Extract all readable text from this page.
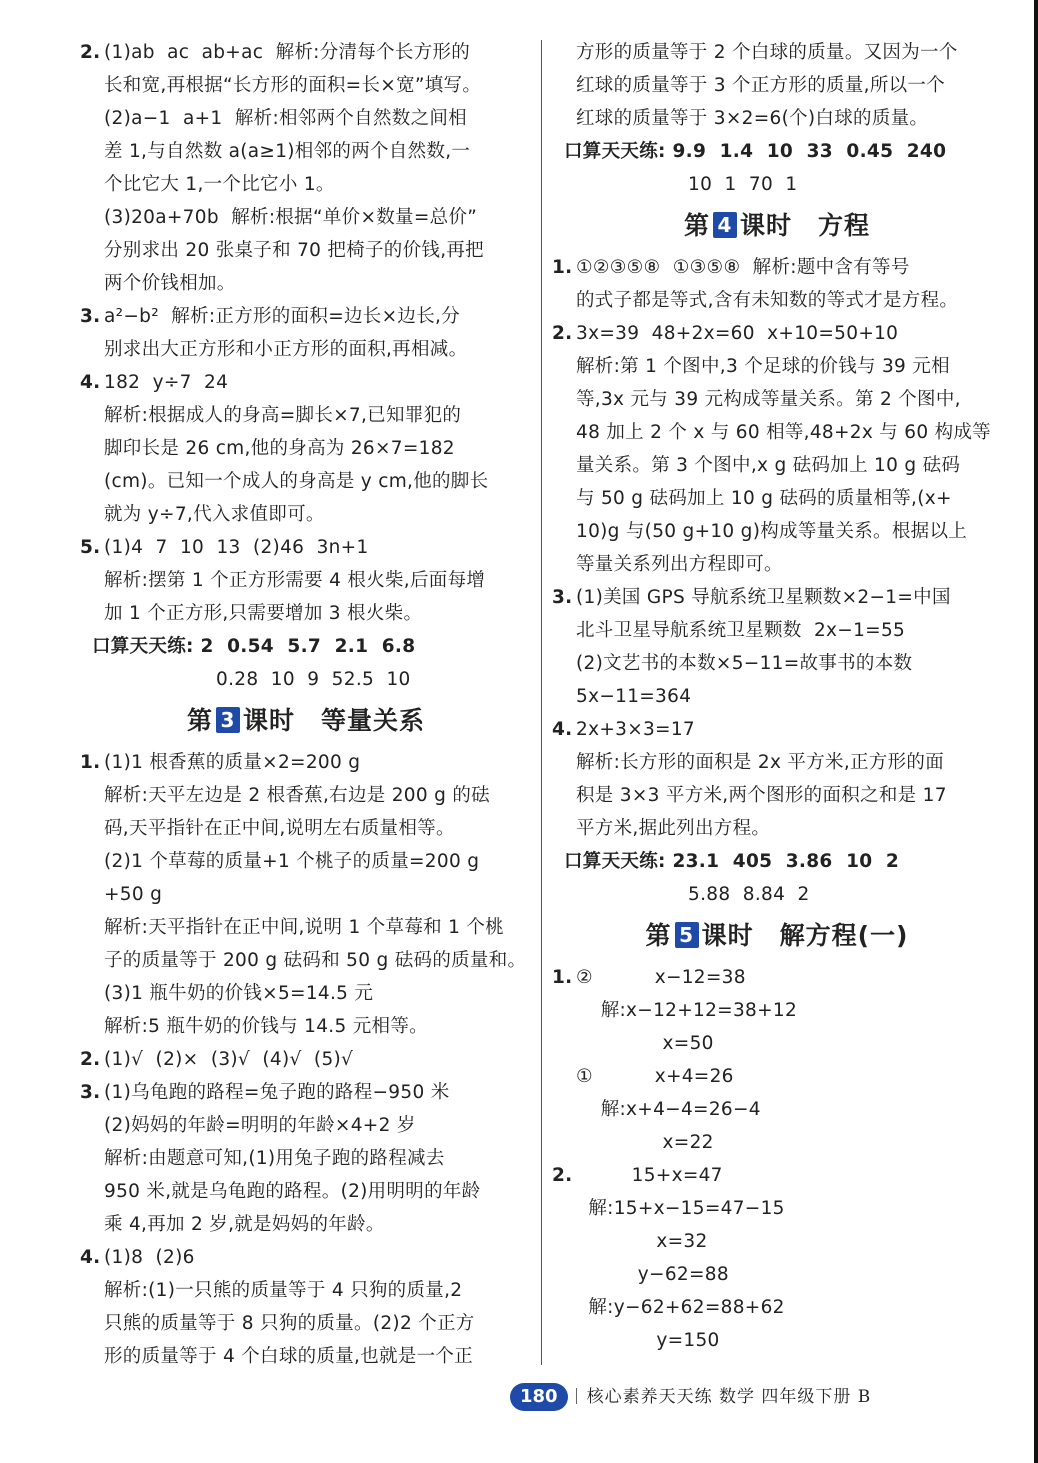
2. (1)ab  ac  ab+ac  解析:分清每个长方形的
长和宽,再根据“长方形的面积=长×宽”填写。
(2)a−1  a+1  解析:相邻两个自然数之间相
差 1,与自然数 a(a≥1)相邻的两个自然数,一
个比它大 1,一个比它小 1。
(3)20a+70b  解析:根据“单价×数量=总价”
分别求出 20 张桌子和 70 把椅子的价钱,再把
两个价钱相加。
3. a²−b²  解析:正方形的面积=边长×边长,分
别求出大正方形和小正方形的面积,再相减。
4. 182  y÷7  24
解析:根据成人的身高=脚长×7,已知罪犯的
脚印长是 26 cm,他的身高为 26×7=182
(cm)。已知一个成人的身高是 y cm,他的脚长
就为 y÷7,代入求值即可。
5. (1)4  7  10  13  (2)46  3n+1
解析:摆第 1 个正方形需要 4 根火柴,后面每增
加 1 个正方形,只需要增加 3 根火柴。
口算天天练: 2  0.54  5.7  2.1  6.8
0.28  10  9  52.5  10
第 3 课时 等量关系
1. (1)1 根香蕉的质量×2=200 g
解析:天平左边是 2 根香蕉,右边是 200 g 的砝
码,天平指针在正中间,说明左右质量相等。
(2)1 个草莓的质量+1 个桃子的质量=200 g
+50 g
解析:天平指针在正中间,说明 1 个草莓和 1 个桃
子的质量等于 200 g 砝码和 50 g 砝码的质量和。
(3)1 瓶牛奶的价钱×5=14.5 元
解析:5 瓶牛奶的价钱与 14.5 元相等。
2. (1)√  (2)×  (3)√  (4)√  (5)√
3. (1)乌龟跑的路程=兔子跑的路程−950 米
(2)妈妈的年龄=明明的年龄×4+2 岁
解析:由题意可知,(1)用兔子跑的路程减去
950 米,就是乌龟跑的路程。(2)用明明的年龄
乘 4,再加 2 岁,就是妈妈的年龄。
4. (1)8  (2)6
解析:(1)一只熊的质量等于 4 只狗的质量,2
只熊的质量等于 8 只狗的质量。(2)2 个正方
形的质量等于 4 个白球的质量,也就是一个正
方形的质量等于 2 个白球的质量。又因为一个
红球的质量等于 3 个正方形的质量,所以一个
红球的质量等于 3×2=6(个)白球的质量。
口算天天练: 9.9  1.4  10  33  0.45  240
10  1  70  1
第 4 课时 方程
1. ①②③⑤⑧  ①③⑤⑧  解析:题中含有等号
的式子都是等式,含有未知数的等式才是方程。
2. 3x=39  48+2x=60  x+10=50+10
解析:第 1 个图中,3 个足球的价钱与 39 元相
等,3x 元与 39 元构成等量关系。第 2 个图中,
48 加上 2 个 x 与 60 相等,48+2x 与 60 构成等
量关系。第 3 个图中,x g 砝码加上 10 g 砝码
与 50 g 砝码加上 10 g 砝码的质量相等,(x+
10)g 与(50 g+10 g)构成等量关系。根据以上
等量关系列出方程即可。
3. (1)美国 GPS 导航系统卫星颗数×2−1=中国
北斗卫星导航系统卫星颗数  2x−1=55
(2)文艺书的本数×5−11=故事书的本数
5x−11=364
4. 2x+3×3=17
解析:长方形的面积是 2x 平方米,正方形的面
积是 3×3 平方米,两个图形的面积之和是 17
平方米,据此列出方程。
口算天天练: 23.1  405  3.86  10  2
5.88  8.84  2
第 5 课时 解方程(一)
1. ②          x−12=38
解:x−12+12=38+12
x=50
①          x+4=26
解:x+4−4=26−4
x=22
2.         15+x=47
解:15+x−15=47−15
x=32
y−62=88
解:y−62+62=88+62
y=150
180 核心素养天天练 数学 四年级下册 B
